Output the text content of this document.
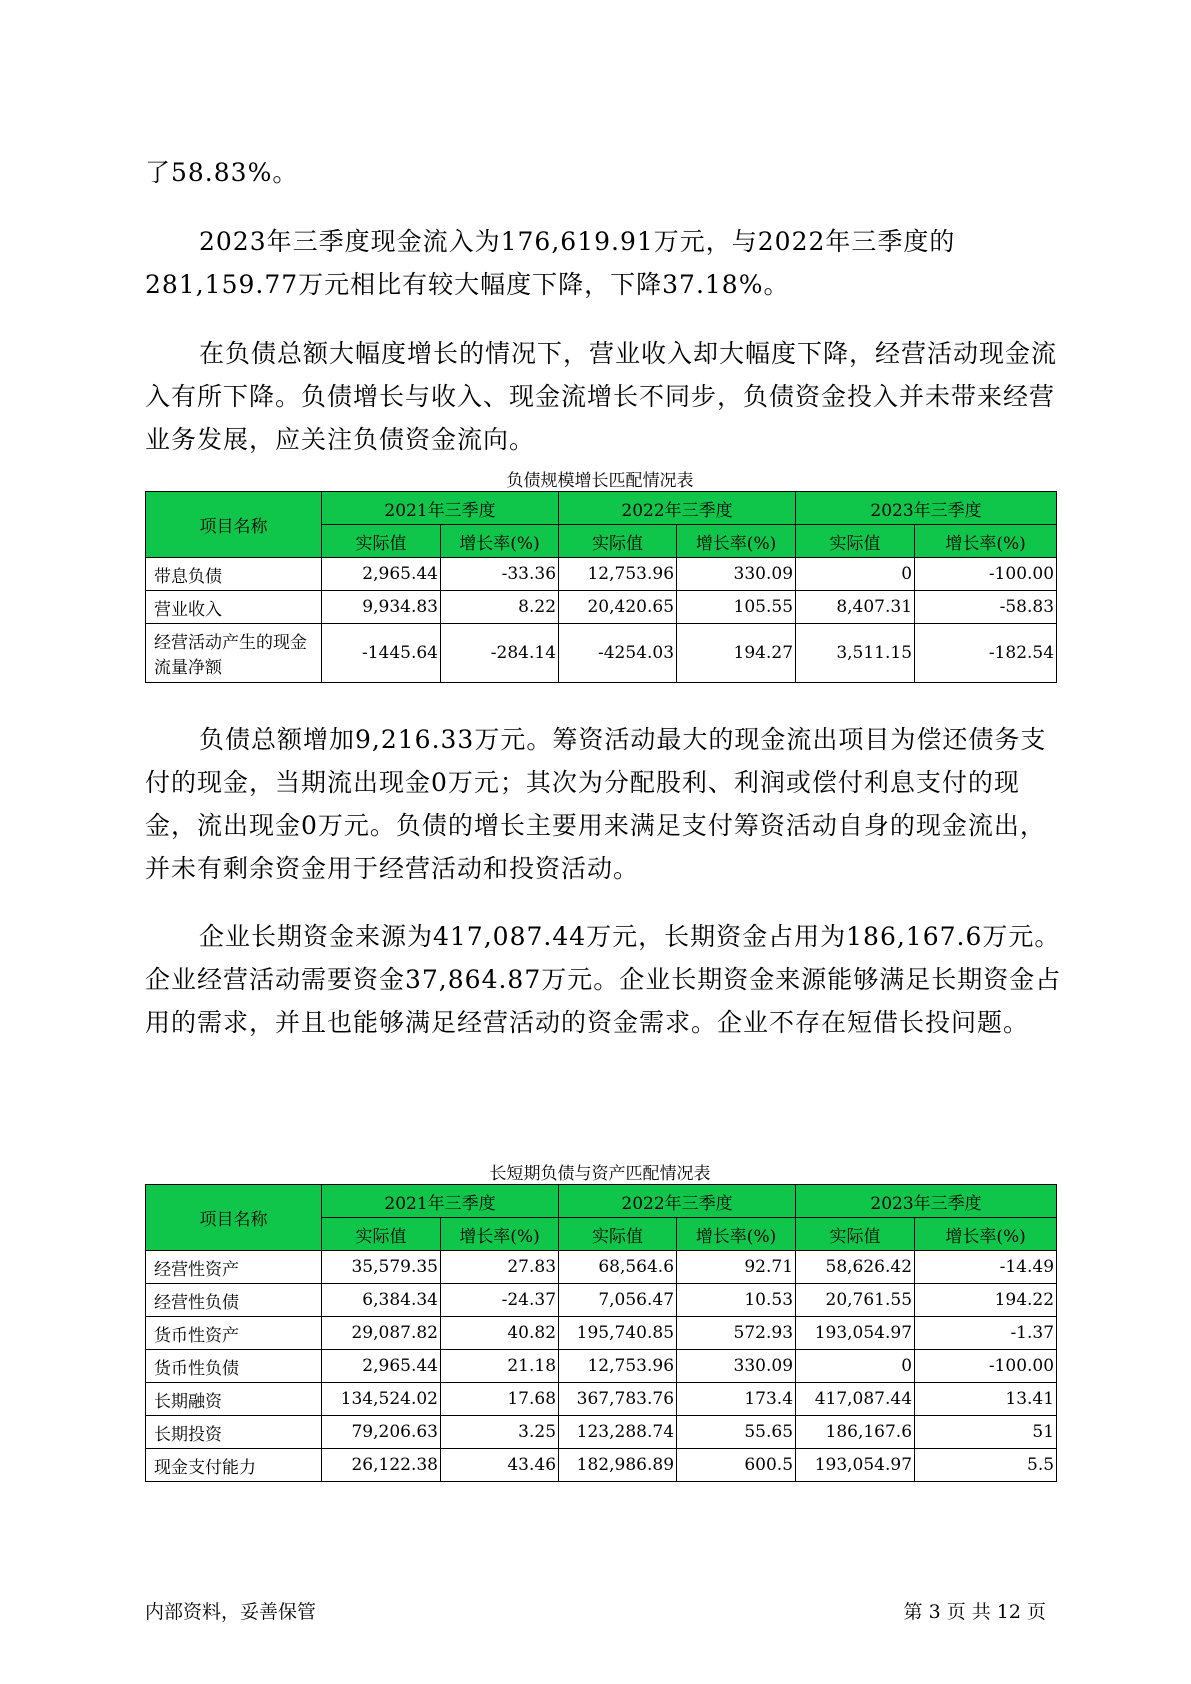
了58.83%。

2023年三季度现金流入为176,619.91万元，与2022年三季度的281,159.77万元相比有较大幅度下降，下降37.18%。

在负债总额大幅度增长的情况下，营业收入却大幅度下降，经营活动现金流入有所下降。负债增长与收入、现金流增长不同步，负债资金投入并未带来经营业务发展，应关注负债资金流向。

负债规模增长匹配情况表
项目名称	2021年三季度		2022年三季度		2023年三季度	
	实际值	增长率(%)	实际值	增长率(%)	实际值	增长率(%)
带息负债	2,965.44	-33.36	12,753.96	330.09	0	-100.00
营业收入	9,934.83	8.22	20,420.65	105.55	8,407.31	-58.83
经营活动产生的现金流量净额	-1445.64	-284.14	-4254.03	194.27	3,511.15	-182.54

负债总额增加9,216.33万元。筹资活动最大的现金流出项目为偿还债务支付的现金，当期流出现金0万元；其次为分配股利、利润或偿付利息支付的现金，流出现金0万元。负债的增长主要用来满足支付筹资活动自身的现金流出，并未有剩余资金用于经营活动和投资活动。

企业长期资金来源为417,087.44万元，长期资金占用为186,167.6万元。企业经营活动需要资金37,864.87万元。企业长期资金来源能够满足长期资金占用的需求，并且也能够满足经营活动的资金需求。企业不存在短借长投问题。

长短期负债与资产匹配情况表
项目名称	2021年三季度		2022年三季度		2023年三季度	
	实际值	增长率(%)	实际值	增长率(%)	实际值	增长率(%)
经营性资产	35,579.35	27.83	68,564.6	92.71	58,626.42	-14.49
经营性负债	6,384.34	-24.37	7,056.47	10.53	20,761.55	194.22
货币性资产	29,087.82	40.82	195,740.85	572.93	193,054.97	-1.37
货币性负债	2,965.44	21.18	12,753.96	330.09	0	-100.00
长期融资	134,524.02	17.68	367,783.76	173.4	417,087.44	13.41
长期投资	79,206.63	3.25	123,288.74	55.65	186,167.6	51
现金支付能力	26,122.38	43.46	182,986.89	600.5	193,054.97	5.5
内部资料，妥善保管	第 3 页 共 12 页
